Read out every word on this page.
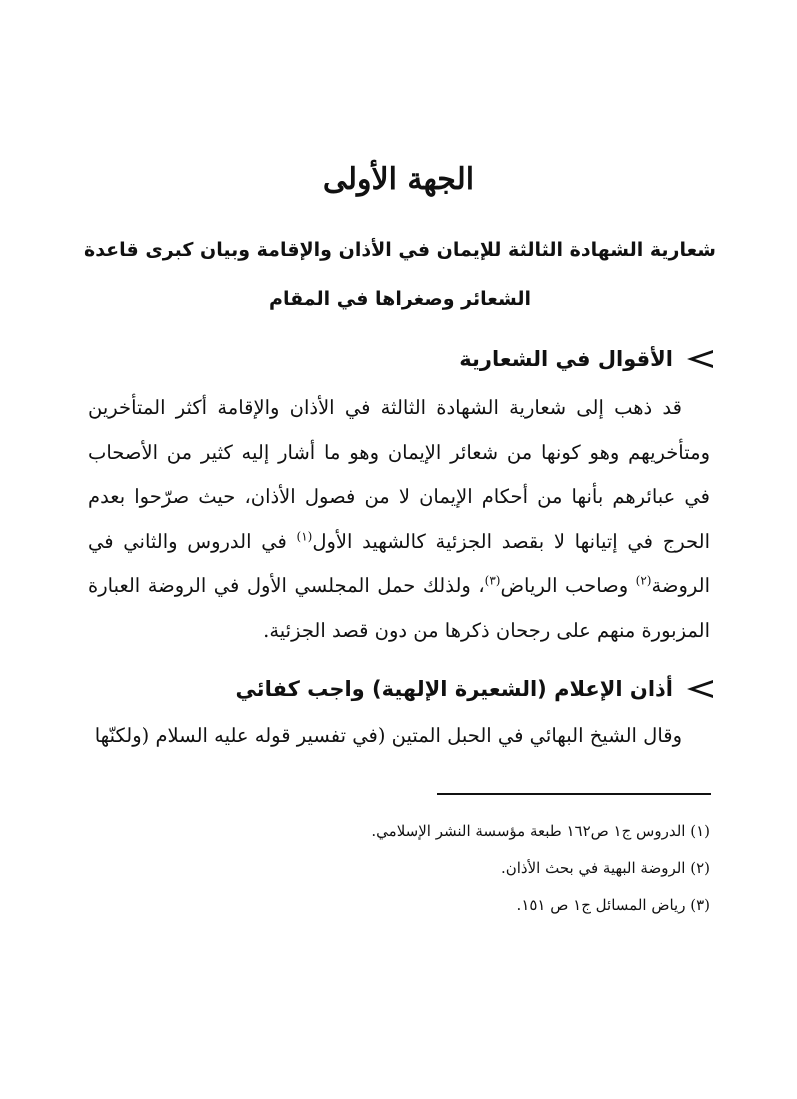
الجهة الأولى
شعارية الشهادة الثالثة للإيمان في الأذان والإقامة وبيان كبرى قاعدة الشعائر وصغراها في المقام
الأقوال في الشعارية

قد ذهب إلى شعارية الشهادة الثالثة في الأذان والإقامة أكثر المتأخرين ومتأخريهم وهو كونها من شعائر الإيمان وهو ما أشار إليه كثير من الأصحاب في عبائرهم بأنها من أحكام الإيمان لا من فصول الأذان، حيث صرّحوا بعدم الحرج في إتيانها لا بقصد الجزئية كالشهيد الأول$^{(١)}$ في الدروس والثاني في الروضة$^{(٢)}$ وصاحب الرياض$^{(٣)}$، ولذلك حمل المجلسي الأول في الروضة العبارة المزبورة منهم على رجحان ذكرها من دون قصد الجزئية.

أذان الإعلام (الشعيرة الإلهية) واجب كفائي

وقال الشيخ البهائي في الحبل المتين (في تفسير قوله عليه السلام (ولكنّها

(١) الدروس ج١ ص١٦٢ طبعة مؤسسة النشر الإسلامي.
(٢) الروضة البهية في بحث الأذان.
(٣) رياض المسائل ج١ ص ١٥١.
